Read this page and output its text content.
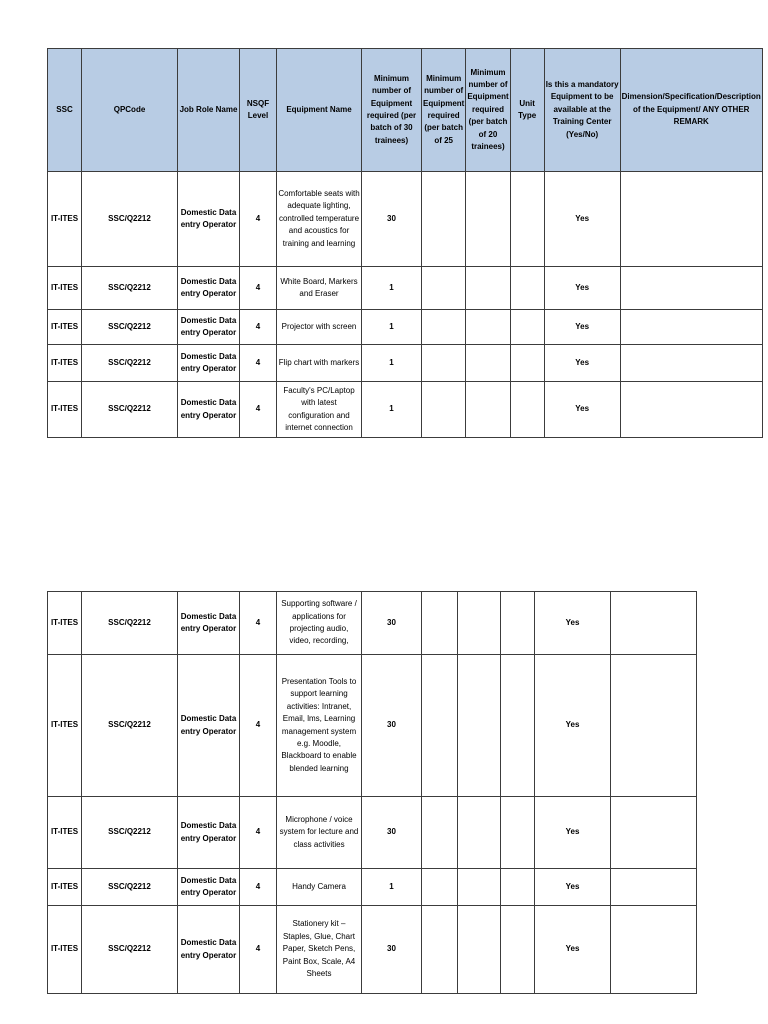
SSC	QPCode	Job Role Name	NSQF Level	Equipment Name	Minimum number of Equipment required (per batch of 30 trainees)	Minimum number of Equipment required (per batch of 25	Minimum number of Equipment required (per batch of 20 trainees)	Unit Type	Is this a mandatory Equipment to be available at the Training Center (Yes/No)	Dimension/Specification/Description of the Equipment/ ANY OTHER REMARK
IT-ITES	SSC/Q2212	Domestic Data entry Operator	4	Comfortable seats with adequate lighting, controlled temperature and acoustics for training and learning	30				Yes	
IT-ITES	SSC/Q2212	Domestic Data entry Operator	4	White Board, Markers and Eraser	1				Yes	
IT-ITES	SSC/Q2212	Domestic Data entry Operator	4	Projector with screen	1				Yes	
IT-ITES	SSC/Q2212	Domestic Data entry Operator	4	Flip chart with markers	1				Yes	
IT-ITES	SSC/Q2212	Domestic Data entry Operator	4	Faculty's PC/Laptop with latest configuration and internet connection	1				Yes	
IT-ITES	SSC/Q2212	Domestic Data entry Operator	4	Supporting software / applications for projecting audio, video, recording,	30				Yes	
IT-ITES	SSC/Q2212	Domestic Data entry Operator	4	Presentation Tools to support learning activities: Intranet, Email, lms, Learning management system e.g. Moodle, Blackboard to enable blended learning	30				Yes	
IT-ITES	SSC/Q2212	Domestic Data entry Operator	4	Microphone / voice system for lecture and class activities	30				Yes	
IT-ITES	SSC/Q2212	Domestic Data entry Operator	4	Handy Camera	1				Yes	
IT-ITES	SSC/Q2212	Domestic Data entry Operator	4	Stationery kit – Staples, Glue, Chart Paper, Sketch Pens, Paint Box, Scale, A4 Sheets	30				Yes	
